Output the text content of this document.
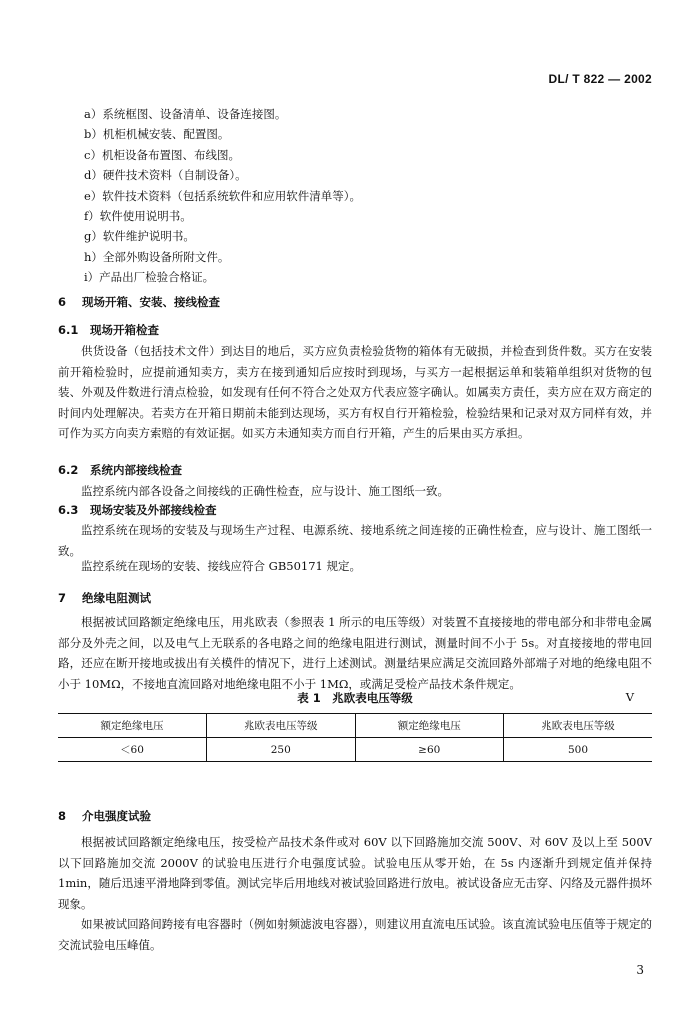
DL/ T 822 — 2002
a）系统框图、设备清单、设备连接图。
b）机柜机械安装、配置图。
c）机柜设备布置图、布线图。
d）硬件技术资料（自制设备）。
e）软件技术资料（包括系统软件和应用软件清单等）。
f）软件使用说明书。
g）软件维护说明书。
h）全部外购设备所附文件。
i）产品出厂检验合格证。
6 现场开箱、安装、接线检查
6.1 现场开箱检查

供货设备（包括技术文件）到达目的地后，买方应负责检验货物的箱体有无破损，并检查到货件数。买方在安装前开箱检验时，应提前通知卖方，卖方在接到通知后应按时到现场，与买方一起根据运单和装箱单组织对货物的包装、外观及件数进行清点检验，如发现有任何不符合之处双方代表应签字确认。如属卖方责任，卖方应在双方商定的时间内处理解决。若卖方在开箱日期前未能到达现场，买方有权自行开箱检验，检验结果和记录对双方同样有效，并可作为买方向卖方索赔的有效证据。如买方未通知卖方而自行开箱，产生的后果由买方承担。

6.2 系统内部接线检查

监控系统内部各设备之间接线的正确性检查，应与设计、施工图纸一致。

6.3 现场安装及外部接线检查

监控系统在现场的安装及与现场生产过程、电源系统、接地系统之间连接的正确性检查，应与设计、施工图纸一致。

监控系统在现场的安装、接线应符合 GB50171 规定。

7 绝缘电阻测试

根据被试回路额定绝缘电压，用兆欧表（参照表 1 所示的电压等级）对装置不直接接地的带电部分和非带电金属部分及外壳之间，以及电气上无联系的各电路之间的绝缘电阻进行测试，测量时间不小于 5s。对直接接地的带电回路，还应在断开接地或拔出有关模件的情况下，进行上述测试。测量结果应满足交流回路外部端子对地的绝缘电阻不小于 10MΩ，不接地直流回路对地绝缘电阻不小于 1MΩ，或满足受检产品技术条件规定。

表 1　兆欧表电压等级	V
额定绝缘电压	兆欧表电压等级	额定绝缘电压	兆欧表电压等级
＜60	250	≥60	500
8 介电强度试验

根据被试回路额定绝缘电压，按受检产品技术条件或对 60V 以下回路施加交流 500V、对 60V 及以上至 500V 以下回路施加交流 2000V 的试验电压进行介电强度试验。试验电压从零开始，在 5s 内逐渐升到规定值并保持 1min，随后迅速平滑地降到零值。测试完毕后用地线对被试验回路进行放电。被试设备应无击穿、闪络及元器件损坏现象。

如果被试回路间跨接有电容器时（例如射频滤波电容器），则建议用直流电压试验。该直流试验电压值等于规定的交流试验电压峰值。

3
